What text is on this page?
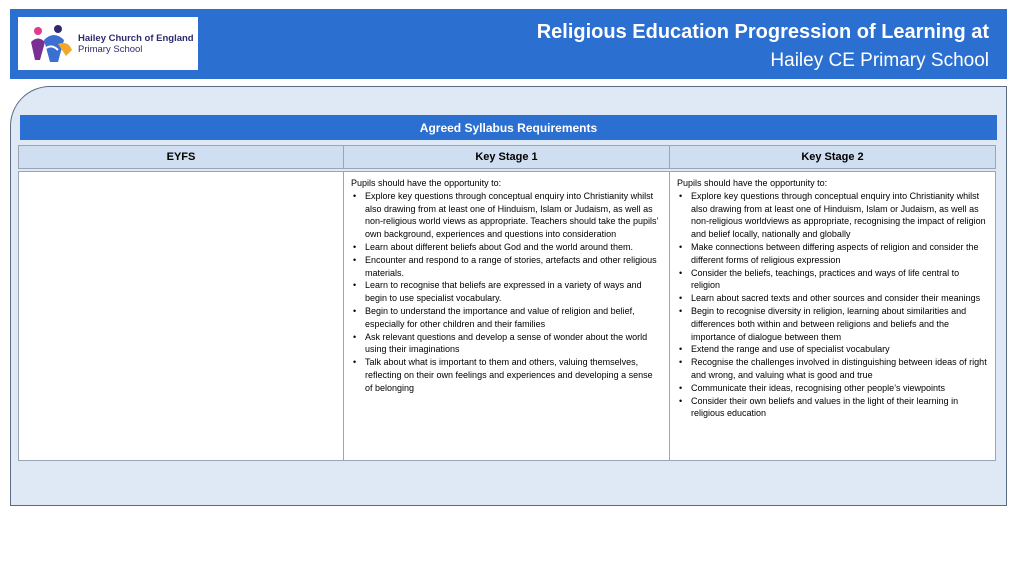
Hailey Church of England
Primary School
Religious Education Progression of Learning at
Hailey CE Primary School
Agreed Syllabus Requirements
EYFS	Key Stage 1	Key Stage 2
Pupils should have the opportunity to:
• Explore key questions through conceptual enquiry into Christianity whilst also drawing from at least one of Hinduism, Islam or Judaism, as well as non-religious world views as appropriate. Teachers should take the pupils’ own background, experiences and questions into consideration
• Learn about different beliefs about God and the world around them.
• Encounter and respond to a range of stories, artefacts and other religious materials.
• Learn to recognise that beliefs are expressed in a variety of ways and begin to use specialist vocabulary.
• Begin to understand the importance and value of religion and belief, especially for other children and their families
• Ask relevant questions and develop a sense of wonder about the world using their imaginations
• Talk about what is important to them and others, valuing themselves, reflecting on their own feelings and experiences and developing a sense of belonging
Pupils should have the opportunity to:
• Explore key questions through conceptual enquiry into Christianity whilst also drawing from at least one of Hinduism, Islam or Judaism, as well as non-religious worldviews as appropriate, recognising the impact of religion and belief locally, nationally and globally
• Make connections between differing aspects of religion and consider the different forms of religious expression
• Consider the beliefs, teachings, practices and ways of life central to religion
• Learn about sacred texts and other sources and consider their meanings
• Begin to recognise diversity in religion, learning about similarities and differences both within and between religions and beliefs and the importance of dialogue between them
• Extend the range and use of specialist vocabulary
• Recognise the challenges involved in distinguishing between ideas of right and wrong, and valuing what is good and true
• Communicate their ideas, recognising other people’s viewpoints
• Consider their own beliefs and values in the light of their learning in religious education
